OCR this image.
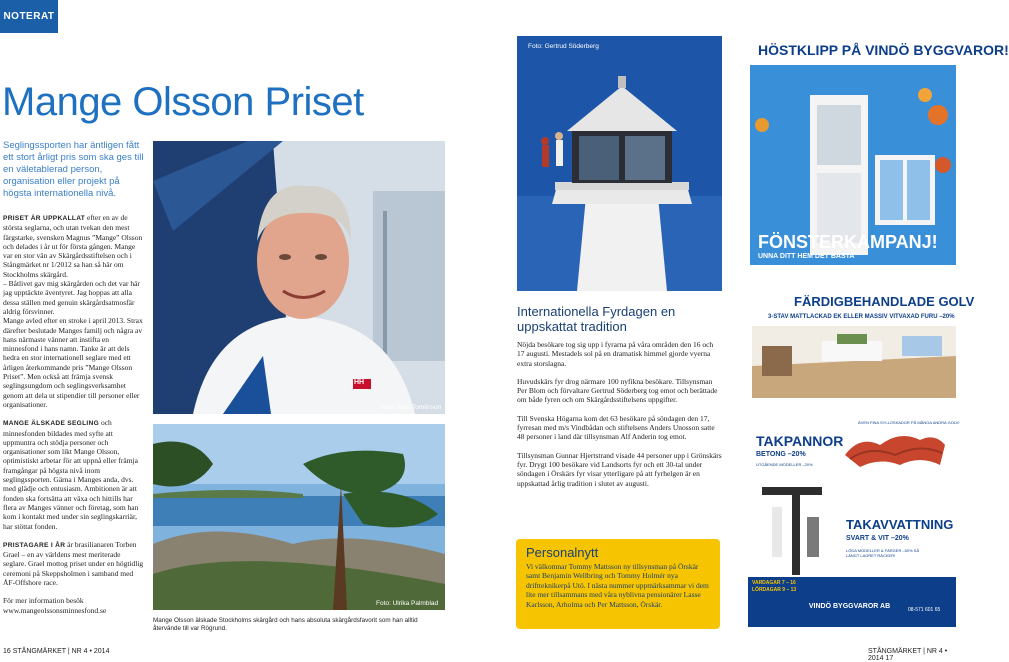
NOTERAT
Mange Olsson Priset

Seglingssporten har äntligen fått ett stort årligt pris som ska ges till en väletablerad person, organisation eller projekt på högsta internationella nivå.

PRISET ÄR UPPKALLAT efter en av de största seglarna, och utan tvekan den mest färgstarke, svensken Magnus ”Mange” Olsson och delades i år ut för första gången. Mange var en stor vän av Skärgårdsstiftelsen och i Stångmärket nr 1/2012 sa han så här om Stockholms skärgård.

– Båtlivet gav mig skärgården och det var här jag upptäckte äventyret. Jag hoppas att alla dessa ställen med genuin skärgårdsatmosfär aldrig försvinner.

Mange avled efter en stroke i april 2013. Strax därefter beslutade Manges familj och några av hans närmaste vänner att instifta en minnesfond i hans namn. Tanke är att dels hedra en stor internationell seglare med ett årligen återkommande pris ”Mange Olsson Priset”. Men också att främja svensk seglingsungdom och seglingsverksamhet genom att dela ut stipendier till personer eller organisationer.

MANGE ÄLSKADE SEGLING och minnesfonden bildades med syfte att uppmuntra och stödja personer och organisationer som likt Mange Olsson, optimistiskt arbetar för att uppnå eller främja framgångar på högsta nivå inom seglingssporten. Gärna i Manges anda, dvs. med glädje och entusiasm. Ambitionen är att fonden ska fortsätta att växa och hittills har flera av Manges vänner och företag, som han kom i kontakt med under sin seglingskarriär, har stöttat fonden.

PRISTAGARE I ÅR är brasilianaren Torben Grael – en av världens mest meriterade seglare. Grael mottog priset under en högtidlig ceremoni på Skeppsholmen i samband med ÅF-Offshore race.

För mer information besök www.mangeolssonsminnesfond.se

HH
Foto: Rick Tomlinson
Foto: Ulrika Palmblad

Mange Olsson älskade Stockholms skärgård och hans absoluta skärgårdsfavorit som han alltid återvände till var Rögrund.

Foto: Gertrud Söderberg
Internationella Fyrdagen en uppskattat tradition

Nöjda besökare tog sig upp i fyrarna på våra områden den 16 och 17 augusti. Mestadels sol på en dramatisk himmel gjorde vyerna extra storslagna.

Huvudskärs fyr drog närmare 100 nyfikna besökare. Tillsynsman Per Blom och förvaltare Gertrud Söderberg tog emot och berättade om både fyren och om Skärgårdsstiftelsens uppgifter.

Till Svenska Högarna kom det 63 besökare på söndagen den 17, fyrresan med m/s Vindbådan och stiftelsens Anders Unosson satte 48 personer i land där tillsynsman Alf Anderin tog emot.

Tillsynsman Gunnar Hjertstrand visade 44 personer upp i Grönskärs fyr. Drygt 100 besökare vid Landsorts fyr och ett 30-tal under söndagen i Örskärs fyr visar ytterligare på att fyrhelgen är en uppskattad årlig tradition i slutet av augusti.

Personalnytt

Vi välkomnar Tommy Mattsson ny tillsynsman på Örskär samt Benjamin Wellbring och Tommy Holmér nya driftteknikerpå Utö. I nästa nummer uppmärksammar vi dem lite mer tillsammans med våra nyblivna pensionärer Lasse Karlsson, Arholma och Per Mattsson, Örskär.

HÖSTKLIPP PÅ VINDÖ BYGGVAROR!
FÖNSTERKAMPANJ!
UNNA DITT HEM DET BÄSTA
FÄRDIGBEHANDLADE GOLV
3-STAV MATTLACKAD EK ELLER MASSIV VITVAXAD FURU –20%
ÄVEN FINA SYLLOSKADOR PÅ MÅNGA ANDRA GOLV!
TAKPANNOR
BETONG –20%
UTGÅENDE MODELLER –20%
TAKAVVATTNING
SVART & VIT –20%
LÖDA MODELLER & FÄRGER –50% SÅ LÄNGT LAGRET RÄCKER!
VARDAGAR 7 – 16 LÖRDAGAR 9 – 13
VINDÖ BYGGVAROR AB
08-571 601 65
16 STÅNGMÄRKET | NR 4 • 2014	STÅNGMÄRKET | NR 4 • 2014 17
